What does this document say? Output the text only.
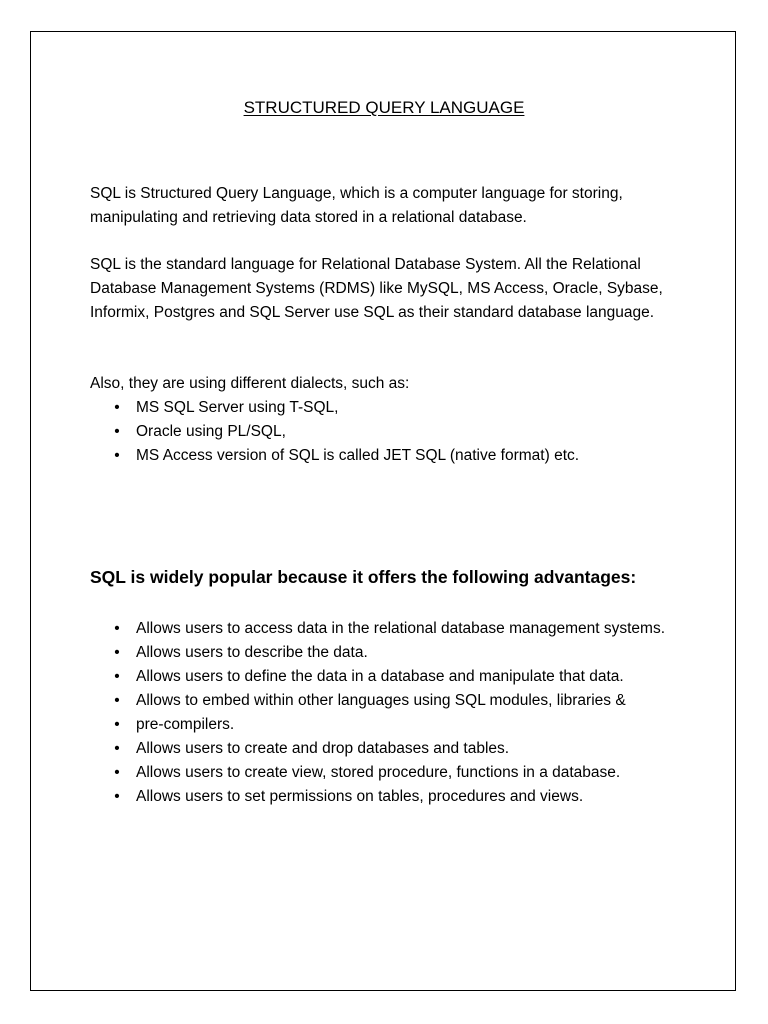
STRUCTURED QUERY LANGUAGE

SQL is Structured Query Language, which is a computer language for storing, manipulating and retrieving data stored in a relational database.

SQL is the standard language for Relational Database System. All the Relational Database Management Systems (RDMS) like MySQL, MS Access, Oracle, Sybase, Informix, Postgres and SQL Server use SQL as their standard database language.

Also, they are using different dialects, such as:

• MS SQL Server using T-SQL,
• Oracle using PL/SQL,
• MS Access version of SQL is called JET SQL (native format) etc.
SQL is widely popular because it offers the following advantages:
• Allows users to access data in the relational database management systems.
• Allows users to describe the data.
• Allows users to define the data in a database and manipulate that data.
• Allows to embed within other languages using SQL modules, libraries &
• pre-compilers.
• Allows users to create and drop databases and tables.
• Allows users to create view, stored procedure, functions in a database.
• Allows users to set permissions on tables, procedures and views.
